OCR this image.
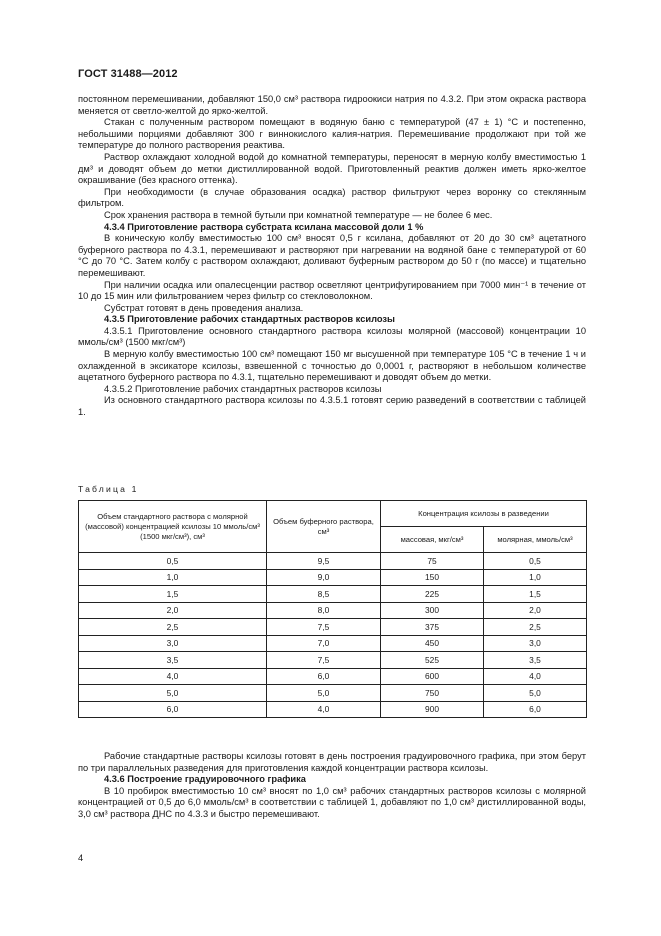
ГОСТ 31488—2012

постоянном перемешивании, добавляют 150,0 см³ раствора гидроокиси натрия по 4.3.2. При этом окраска раствора меняется от светло-желтой до ярко-желтой.

Стакан с полученным раствором помещают в водяную баню с температурой (47 ± 1) °C и постепенно, небольшими порциями добавляют 300 г виннокислого калия-натрия. Перемешивание продолжают при той же температуре до полного растворения реактива.

Раствор охлаждают холодной водой до комнатной температуры, переносят в мерную колбу вместимостью 1 дм³ и доводят объем до метки дистиллированной водой. Приготовленный реактив должен иметь ярко-желтое окрашивание (без красного оттенка).

При необходимости (в случае образования осадка) раствор фильтруют через воронку со стеклянным фильтром.

Срок хранения раствора в темной бутыли при комнатной температуре — не более 6 мес.

4.3.4 Приготовление раствора субстрата ксилана массовой доли 1 %

В коническую колбу вместимостью 100 см³ вносят 0,5 г ксилана, добавляют от 20 до 30 см³ ацетатного буферного раствора по 4.3.1, перемешивают и растворяют при нагревании на водяной бане с температурой от 60 °C до 70 °C. Затем колбу с раствором охлаждают, доливают буферным раствором до 50 г (по массе) и тщательно перемешивают.

При наличии осадка или опалесценции раствор осветляют центрифугированием при 7000 мин⁻¹ в течение от 10 до 15 мин или фильтрованием через фильтр со стекловолокном.

Субстрат готовят в день проведения анализа.

4.3.5 Приготовление рабочих стандартных растворов ксилозы

4.3.5.1 Приготовление основного стандартного раствора ксилозы молярной (массовой) концентрации 10 ммоль/см³ (1500 мкг/см³)

В мерную колбу вместимостью 100 см³ помещают 150 мг высушенной при температуре 105 °C в течение 1 ч и охлажденной в эксикаторе ксилозы, взвешенной с точностью до 0,0001 г, растворяют в небольшом количестве ацетатного буферного раствора по 4.3.1, тщательно перемешивают и доводят объем до метки.

4.3.5.2 Приготовление рабочих стандартных растворов ксилозы

Из основного стандартного раствора ксилозы по 4.3.5.1 готовят серию разведений в соответствии с таблицей 1.

Таблица 1
Объем стандартного раствора с молярной (массовой) концентрацией ксилозы 10 ммоль/см³ (1500 мкг/см³), см³	Объем буферного раствора, см³	Концентрация ксилозы в разведении	
		массовая, мкг/см³	молярная, ммоль/см³
0,5	9,5	75	0,5
1,0	9,0	150	1,0
1,5	8,5	225	1,5
2,0	8,0	300	2,0
2,5	7,5	375	2,5
3,0	7,0	450	3,0
3,5	7,5	525	3,5
4,0	6,0	600	4,0
5,0	5,0	750	5,0
6,0	4,0	900	6,0

Рабочие стандартные растворы ксилозы готовят в день построения градуировочного графика, при этом берут по три параллельных разведения для приготовления каждой концентрации раствора ксилозы.

4.3.6 Построение градуировочного графика

В 10 пробирок вместимостью 10 см³ вносят по 1,0 см³ рабочих стандартных растворов ксилозы с молярной концентрацией от 0,5 до 6,0 ммоль/см³ в соответствии с таблицей 1, добавляют по 1,0 см³ дистиллированной воды, 3,0 см³ раствора ДНС по 4.3.3 и быстро перемешивают.

4
